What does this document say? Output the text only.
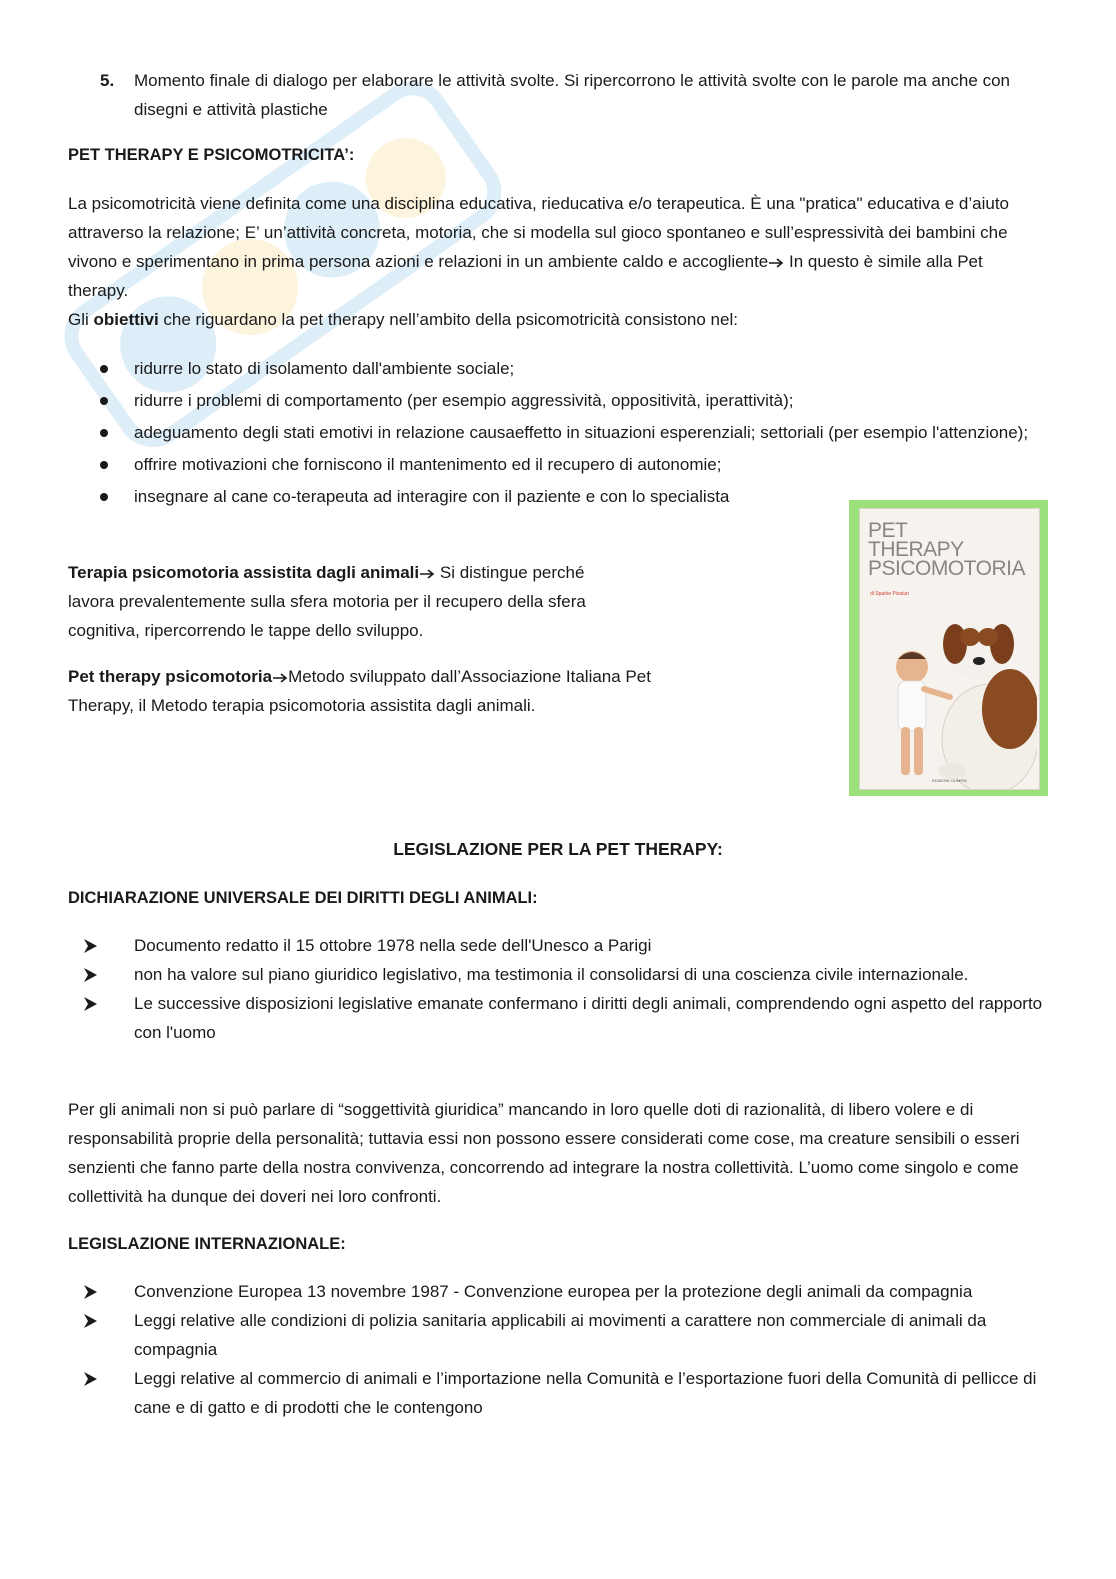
5. Momento finale di dialogo per elaborare le attività svolte. Si ripercorrono le attività svolte con le parole ma anche con disegni e attività plastiche
PET THERAPY E PSICOMOTRICITA’:
La psicomotricità viene definita come una disciplina educativa, rieducativa e/o terapeutica. È una "pratica" educativa e d’aiuto attraverso la relazione; E’ un’attività concreta, motoria, che si modella sul gioco spontaneo e sull’espressività dei bambini che vivono e sperimentano in prima persona azioni e relazioni in un ambiente caldo e accogliente In questo è simile alla Pet therapy.
Gli obiettivi che riguardano la pet therapy nell’ambito della psicomotricità consistono nel:
ridurre lo stato di isolamento dall'ambiente sociale;
ridurre i problemi di comportamento (per esempio aggressività, oppositività, iperattività);
adeguamento degli stati emotivi in relazione causaeffetto in situazioni esperenziali; settoriali (per esempio l'attenzione);
offrire motivazioni che forniscono il mantenimento ed il recupero di autonomie;
insegnare al cane co-terapeuta ad interagire con il paziente e con lo specialista
Terapia psicomotoria assistita dagli animali Si distingue perché lavora prevalentemente sulla sfera motoria per il recupero della sfera cognitiva, ripercorrendo le tappe dello sviluppo.
Pet therapy psicomotoria Metodo sviluppato dall’Associazione Italiana Pet Therapy, il Metodo terapia psicomotoria assistita dagli animali.
PET
THERAPY
PSICOMOTORIA
di Sparke Pisoiun
EDIZIONI OLIMPIA
LEGISLAZIONE PER LA PET THERAPY:
DICHIARAZIONE UNIVERSALE DEI DIRITTI DEGLI ANIMALI:
Documento redatto il 15 ottobre 1978 nella sede dell'Unesco a Parigi
non ha valore sul piano giuridico legislativo, ma testimonia il consolidarsi di una coscienza civile internazionale.
Le successive disposizioni legislative emanate confermano i diritti degli animali, comprendendo ogni aspetto del rapporto con l'uomo
Per gli animali non si può parlare di “soggettività giuridica” mancando in loro quelle doti di razionalità, di libero volere e di responsabilità proprie della personalità; tuttavia essi non possono essere considerati come cose, ma creature sensibili o esseri senzienti che fanno parte della nostra convivenza, concorrendo ad integrare la nostra collettività. L’uomo come singolo e come collettività ha dunque dei doveri nei loro confronti.
LEGISLAZIONE INTERNAZIONALE:
Convenzione Europea 13 novembre 1987 - Convenzione europea per la protezione degli animali da compagnia
Leggi relative alle condizioni di polizia sanitaria applicabili ai movimenti a carattere non commerciale di animali da compagnia
Leggi relative al commercio di animali e l’importazione nella Comunità e l’esportazione fuori della Comunità di pellicce di cane e di gatto e di prodotti che le contengono
